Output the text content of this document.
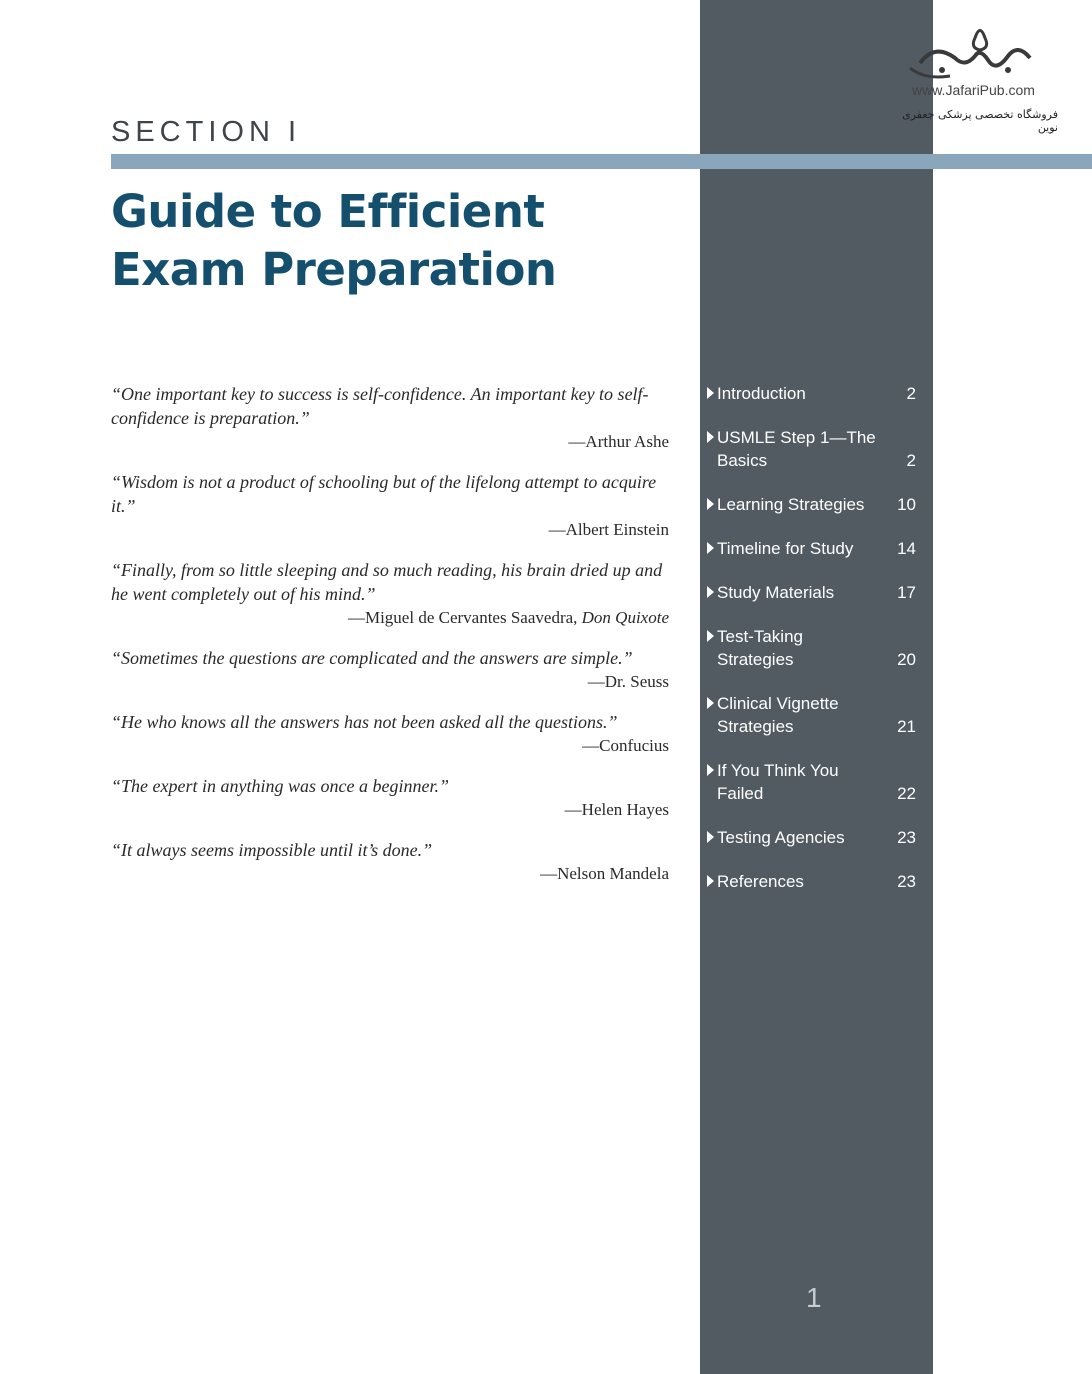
www.JafariPub.com
فروشگاه تخصصی پزشکی جعفری نوین
SECTION I
Guide to Efficient
Exam Preparation
“One important key to success is self-confidence. An important key to self-confidence is preparation.”
—Arthur Ashe
“Wisdom is not a product of schooling but of the lifelong attempt to acquire it.”
—Albert Einstein
“Finally, from so little sleeping and so much reading, his brain dried up and he went completely out of his mind.”
—Miguel de Cervantes Saavedra, Don Quixote
“Sometimes the questions are complicated and the answers are simple.”
—Dr. Seuss
“He who knows all the answers has not been asked all the questions.”
—Confucius
“The expert in anything was once a beginner.”
—Helen Hayes
“It always seems impossible until it’s done.”
—Nelson Mandela
Introduction	2
USMLE Step 1—The Basics	2
Learning Strategies	10
Timeline for Study	14
Study Materials	17
Test-Taking Strategies	20
Clinical Vignette Strategies	21
If You Think You Failed	22
Testing Agencies	23
References	23
1
